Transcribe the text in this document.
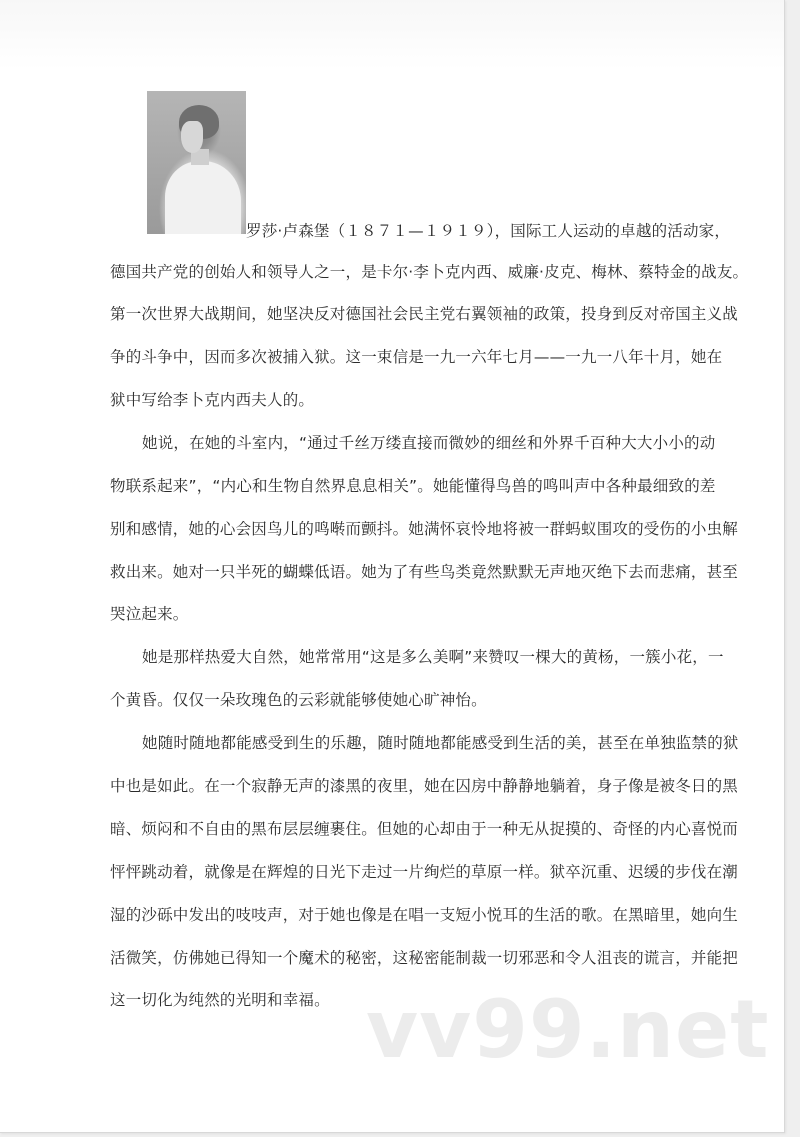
罗莎·卢森堡（１８７１—１９１９），国际工人运动的卓越的活动家，
德国共产党的创始人和领导人之一，是卡尔·李卜克内西、威廉·皮克、梅林、蔡特金的战友。
第一次世界大战期间，她坚决反对德国社会民主党右翼领袖的政策，投身到反对帝国主义战
争的斗争中，因而多次被捕入狱。这一束信是一九一六年七月——一九一八年十月，她在
狱中写给李卜克内西夫人的。
她说，在她的斗室内，“通过千丝万缕直接而微妙的细丝和外界千百种大大小小的动
物联系起来”，“内心和生物自然界息息相关”。她能懂得鸟兽的鸣叫声中各种最细致的差
别和感情，她的心会因鸟儿的鸣啭而颤抖。她满怀哀怜地将被一群蚂蚁围攻的受伤的小虫解
救出来。她对一只半死的蝴蝶低语。她为了有些鸟类竟然默默无声地灭绝下去而悲痛，甚至
哭泣起来。
她是那样热爱大自然，她常常用“这是多么美啊”来赞叹一棵大的黄杨，一簇小花，一
个黄昏。仅仅一朵玫瑰色的云彩就能够使她心旷神怡。
她随时随地都能感受到生的乐趣，随时随地都能感受到生活的美，甚至在单独监禁的狱
中也是如此。在一个寂静无声的漆黑的夜里，她在囚房中静静地躺着，身子像是被冬日的黑
暗、烦闷和不自由的黑布层层缠裹住。但她的心却由于一种无从捉摸的、奇怪的内心喜悦而
怦怦跳动着，就像是在辉煌的日光下走过一片绚烂的草原一样。狱卒沉重、迟缓的步伐在潮
湿的沙砾中发出的吱吱声，对于她也像是在唱一支短小悦耳的生活的歌。在黑暗里，她向生
活微笑，仿佛她已得知一个魔术的秘密，这秘密能制裁一切邪恶和令人沮丧的谎言，并能把
这一切化为纯然的光明和幸福。 vv99.net
